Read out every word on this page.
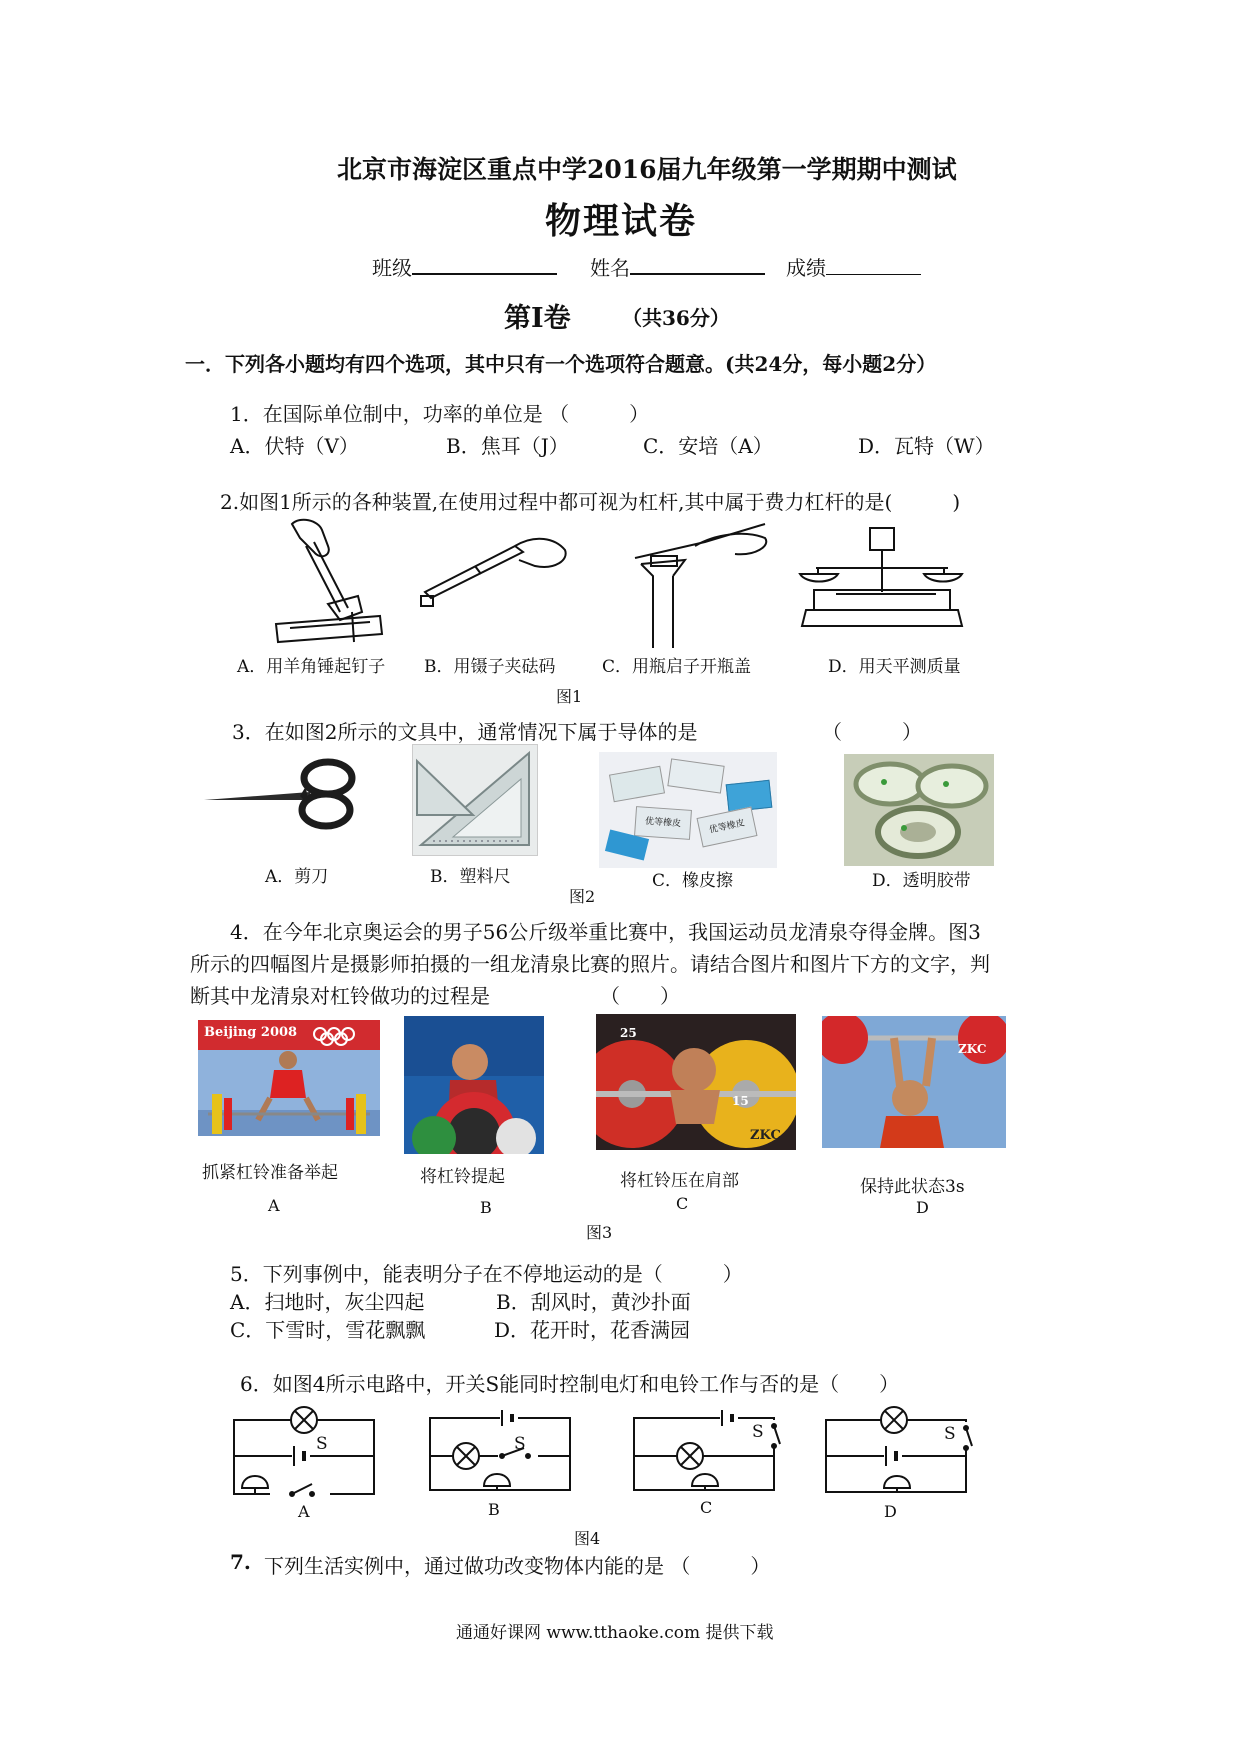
北京市海淀区重点中学2016届九年级第一学期期中测试
物理试卷
班级	姓名	成绩
第Ⅰ卷	（共36分）
一．下列各小题均有四个选项，其中只有一个选项符合题意。(共24分，每小题2分）
1．在国际单位制中，功率的单位是 （　　　）
A．伏特（V）	B．焦耳（J）	C．安培（A）	D．瓦特（W）
2.如图1所示的各种装置,在使用过程中都可视为杠杆,其中属于费力杠杆的是(　　　)
A．用羊角锤起钉子 B．用镊子夹砝码	C．用瓶启子开瓶盖	D．用天平测质量
图1
3．在如图2所示的文具中，通常情况下属于导体的是	（　　　）
优等橡皮	优等橡皮
A．剪刀	B．塑料尺	C．橡皮擦	D．透明胶带
图2
4．在今年北京奥运会的男子56公斤级举重比赛中，我国运动员龙清泉夺得金牌。图3
所示的四幅图片是摄影师拍摄的一组龙清泉比赛的照片。请结合图片和图片下方的文字，判
断其中龙清泉对杠铃做功的过程是	（　　）
Beijing 2008	25
15
ZKC
ZKC
抓紧杠铃准备举起	将杠铃提起	将杠铃压在肩部	保持此状态3s
A	B	C	D
图3
5．下列事例中，能表明分子在不停地运动的是（　　　）
A．扫地时，灰尘四起	B．刮风时，黄沙扑面
C．下雪时，雪花飘飘	D．花开时，花香满园
6．如图4所示电路中，开关S能同时控制电灯和电铃工作与否的是（　　）
S	S
S	S
A	B	C	D
图4
7. 下列生活实例中，通过做功改变物体内能的是 （　　　）
通通好课网 www.tthaoke.com 提供下载
